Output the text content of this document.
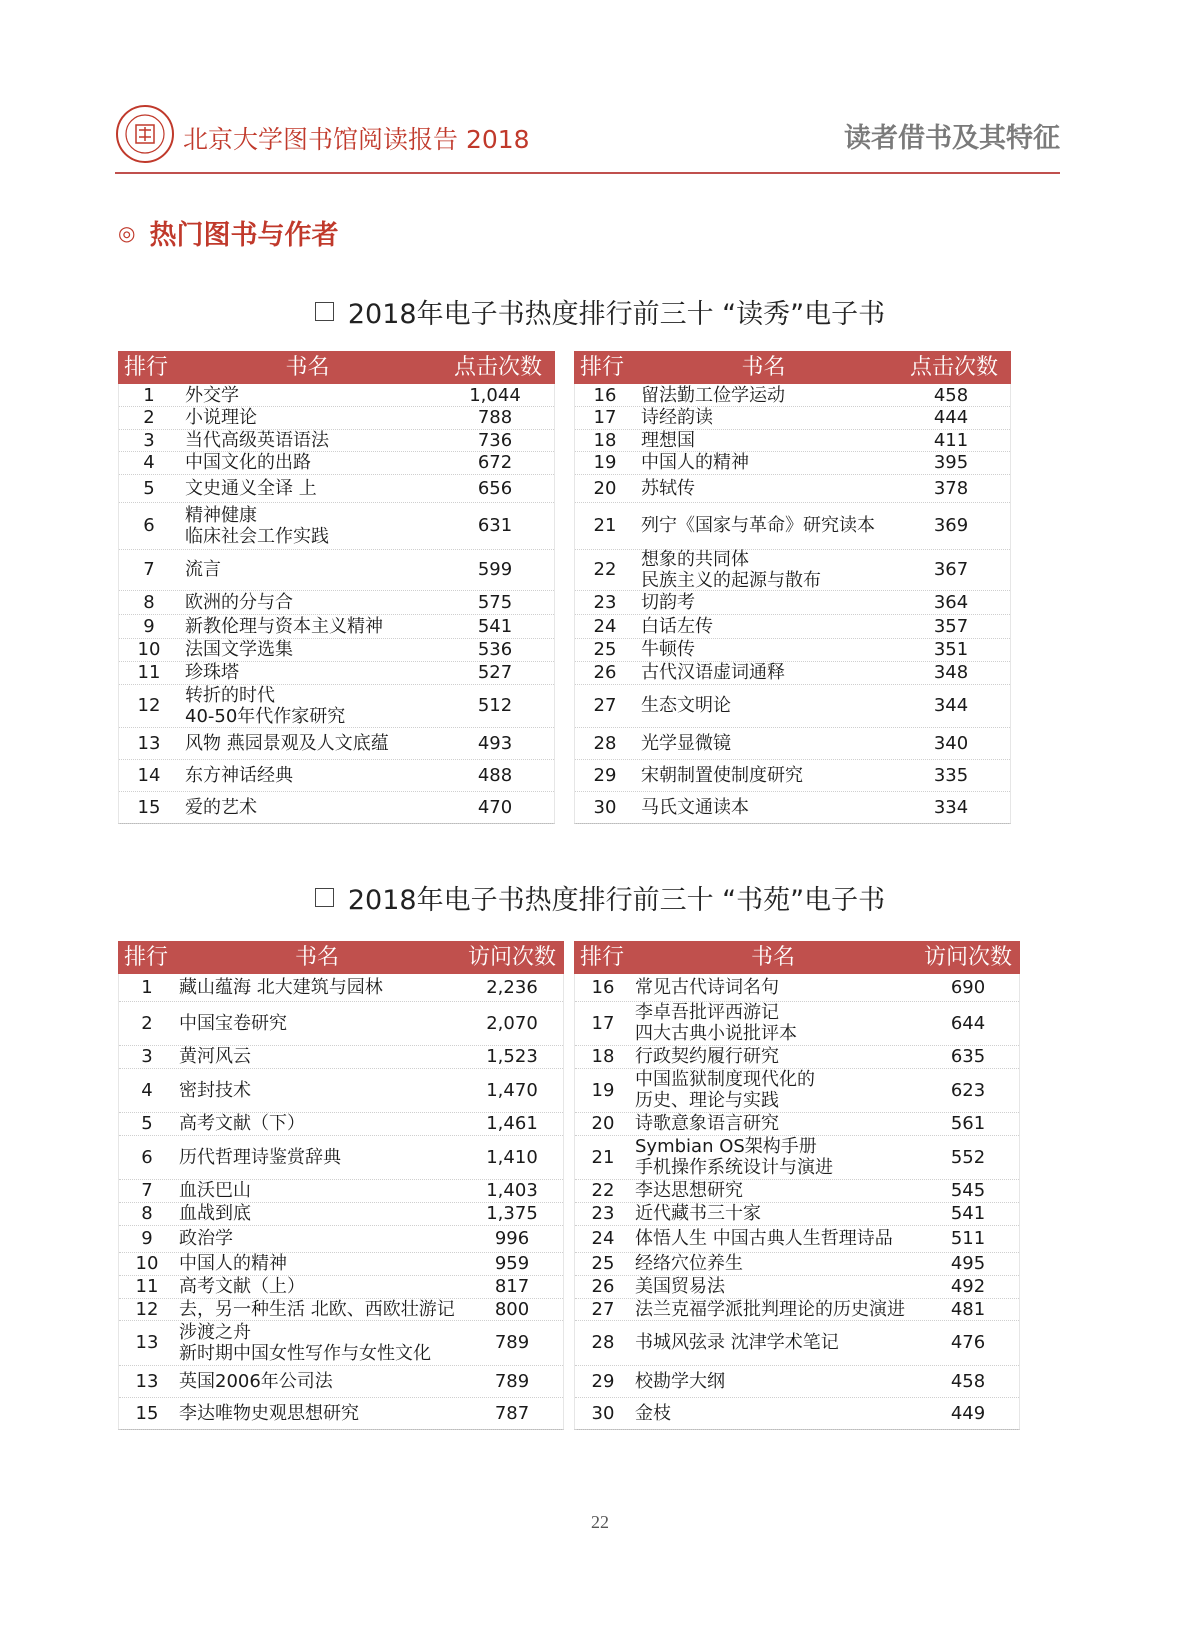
北京大学图书馆阅读报告 2018	读者借书及其特征
◎ 热门图书与作者
2018年电子书热度排行前三十 “读秀”电子书
排行	书名	点击次数
1	外交学	1,044
2	小说理论	788
3	当代高级英语语法	736
4	中国文化的出路	672
5	文史通义全译 上	656
6	精神健康
临床社会工作实践	631
7	流言	599
8	欧洲的分与合	575
9	新教伦理与资本主义精神	541
10	法国文学选集	536
11	珍珠塔	527
12	转折的时代
40-50年代作家研究	512
13	风物 燕园景观及人文底蕴	493
14	东方神话经典	488
15	爱的艺术	470
排行	书名	点击次数
16	留法勤工俭学运动	458
17	诗经韵读	444
18	理想国	411
19	中国人的精神	395
20	苏轼传	378
21	列宁《国家与革命》研究读本	369
22	想象的共同体
民族主义的起源与散布	367
23	切韵考	364
24	白话左传	357
25	牛顿传	351
26	古代汉语虚词通释	348
27	生态文明论	344
28	光学显微镜	340
29	宋朝制置使制度研究	335
30	马氏文通读本	334
2018年电子书热度排行前三十 “书苑”电子书
排行	书名	访问次数
1	藏山蕴海 北大建筑与园林	2,236
2	中国宝卷研究	2,070
3	黄河风云	1,523
4	密封技术	1,470
5	高考文献（下）	1,461
6	历代哲理诗鉴赏辞典	1,410
7	血沃巴山	1,403
8	血战到底	1,375
9	政治学	996
10	中国人的精神	959
11	高考文献（上）	817
12	去，另一种生活 北欧、西欧壮游记	800
13	涉渡之舟
新时期中国女性写作与女性文化	789
13	英国2006年公司法	789
15	李达唯物史观思想研究	787
排行	书名	访问次数
16	常见古代诗词名句	690
17	李卓吾批评西游记
四大古典小说批评本	644
18	行政契约履行研究	635
19	中国监狱制度现代化的
历史、理论与实践	623
20	诗歌意象语言研究	561
21	Symbian OS架构手册
手机操作系统设计与演进	552
22	李达思想研究	545
23	近代藏书三十家	541
24	体悟人生 中国古典人生哲理诗品	511
25	经络穴位养生	495
26	美国贸易法	492
27	法兰克福学派批判理论的历史演进	481
28	书城风弦录 沈津学术笔记	476
29	校勘学大纲	458
30	金枝	449
22
